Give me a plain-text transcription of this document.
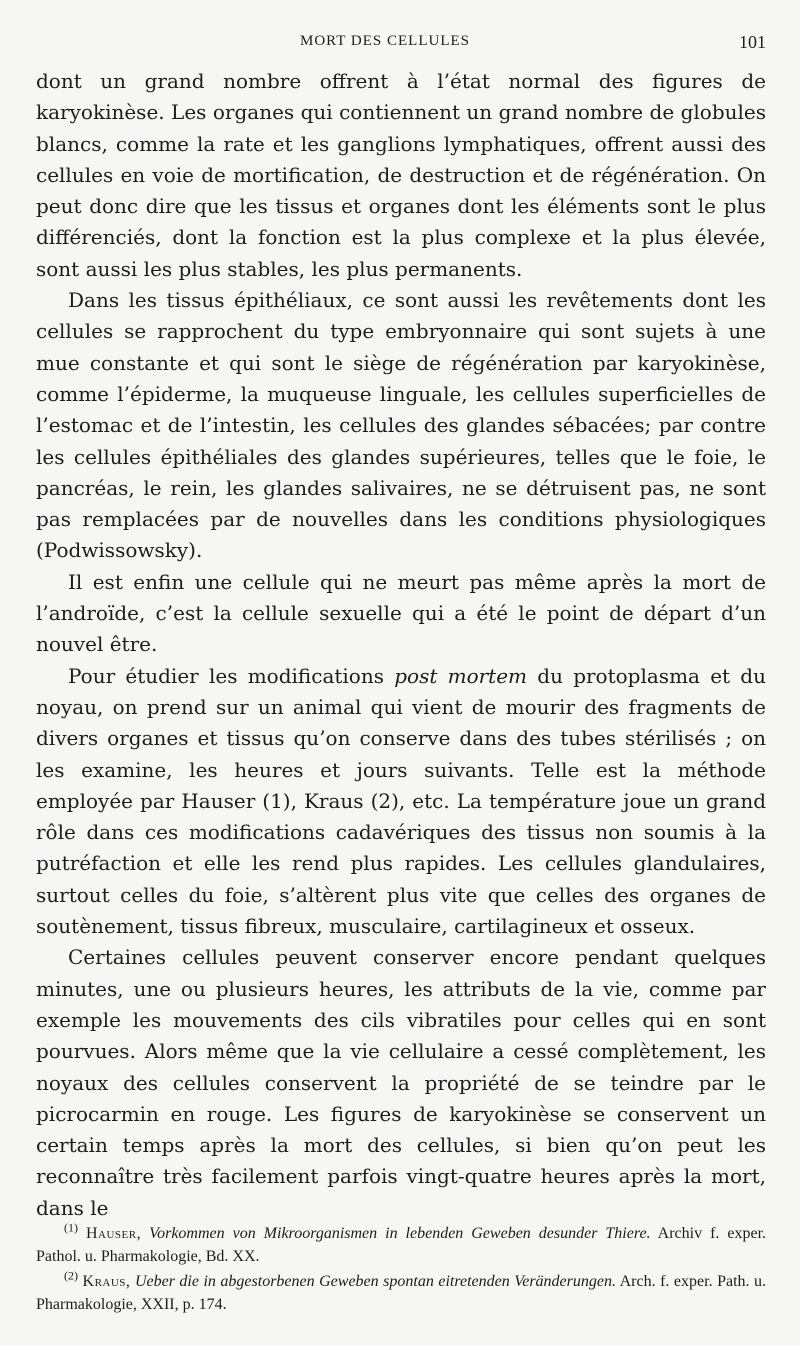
MORT DES CELLULES	101

dont un grand nombre offrent à l’état normal des figures de karyokinèse. Les organes qui contiennent un grand nombre de globules blancs, comme la rate et les ganglions lymphatiques, offrent aussi des cellules en voie de mortification, de destruction et de régénération. On peut donc dire que les tissus et organes dont les éléments sont le plus différenciés, dont la fonction est la plus complexe et la plus élevée, sont aussi les plus stables, les plus permanents.

Dans les tissus épithéliaux, ce sont aussi les revêtements dont les cellules se rapprochent du type embryonnaire qui sont sujets à une mue constante et qui sont le siège de régénération par karyokinèse, comme l’épiderme, la muqueuse linguale, les cellules superficielles de l’estomac et de l’intestin, les cellules des glandes sébacées; par contre les cellules épithéliales des glandes supérieures, telles que le foie, le pancréas, le rein, les glandes salivaires, ne se détruisent pas, ne sont pas remplacées par de nouvelles dans les conditions physiologiques (Podwissowsky).

Il est enfin une cellule qui ne meurt pas même après la mort de l’androïde, c’est la cellule sexuelle qui a été le point de départ d’un nouvel être.

Pour étudier les modifications post mortem du protoplasma et du noyau, on prend sur un animal qui vient de mourir des fragments de divers organes et tissus qu’on conserve dans des tubes stérilisés ; on les examine, les heures et jours suivants. Telle est la méthode employée par Hauser (1), Kraus (2), etc. La température joue un grand rôle dans ces modifications cadavériques des tissus non soumis à la putréfaction et elle les rend plus rapides. Les cellules glandulaires, surtout celles du foie, s’altèrent plus vite que celles des organes de soutènement, tissus fibreux, musculaire, cartilagineux et osseux.

Certaines cellules peuvent conserver encore pendant quelques minutes, une ou plusieurs heures, les attributs de la vie, comme par exemple les mouvements des cils vibratiles pour celles qui en sont pourvues. Alors même que la vie cellulaire a cessé complètement, les noyaux des cellules conservent la propriété de se teindre par le picrocarmin en rouge. Les figures de karyokinèse se conservent un certain temps après la mort des cellules, si bien qu’on peut les reconnaître très facilement parfois vingt-quatre heures après la mort, dans le

$^{(1)}$ Hauser, Vorkommen von Mikroorganismen in lebenden Geweben desunder Thiere. Archiv f. exper. Pathol. u. Pharmakologie, Bd. XX.

$^{(2)}$ Kraus, Ueber die in abgestorbenen Geweben spontan eitretenden Veränderungen. Arch. f. exper. Path. u. Pharmakologie, XXII, p. 174.
